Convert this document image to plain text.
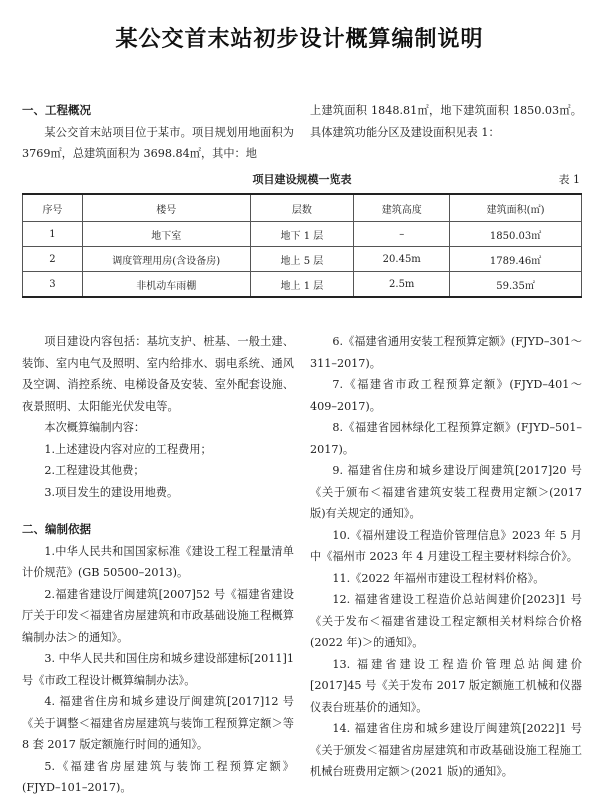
某公交首末站初步设计概算编制说明

一、工程概况

某公交首末站项目位于某市。项目规划用地面积为 3769㎡，总建筑面积为 3698.84㎡，其中：地

上建筑面积 1848.81㎡，地下建筑面积 1850.03㎡。具体建筑功能分区及建设面积见表 1：

项目建设规模一览表	表 1
序号	楼号	层数	建筑高度	建筑面积(㎡)
1	地下室	地下 1 层	–	1850.03㎡
2	调度管理用房(含设备房)	地上 5 层	20.45m	1789.46㎡
3	非机动车雨棚	地上 1 层	2.5m	59.35㎡

项目建设内容包括：基坑支护、桩基、一般土建、装饰、室内电气及照明、室内给排水、弱电系统、通风及空调、消控系统、电梯设备及安装、室外配套设施、夜景照明、太阳能光伏发电等。

本次概算编制内容：

1.上述建设内容对应的工程费用；

2.工程建设其他费；

3.项目发生的建设用地费。

二、编制依据

1.中华人民共和国国家标准《建设工程工程量清单计价规范》(GB 50500–2013)。

2.福建省建设厅闽建筑[2007]52 号《福建省建设厅关于印发＜福建省房屋建筑和市政基础设施工程概算编制办法＞的通知》。

3. 中华人民共和国住房和城乡建设部建标[2011]1 号《市政工程设计概算编制办法》。

4. 福建省住房和城乡建设厅闽建筑[2017]12 号《关于调整＜福建省房屋建筑与装饰工程预算定额＞等 8 套 2017 版定额施行时间的通知》。

5.《福建省房屋建筑与装饰工程预算定额》(FJYD–101–2017)。

6.《福建省通用安装工程预算定额》(FJYD–301～311–2017)。

7.《福建省市政工程预算定额》(FJYD–401～409–2017)。

8.《福建省园林绿化工程预算定额》(FJYD–501–2017)。

9. 福建省住房和城乡建设厅闽建筑[2017]20 号《关于颁布＜福建省建筑安装工程费用定额＞(2017 版)有关规定的通知》。

10.《福州建设工程造价管理信息》2023 年 5 月中《福州市 2023 年 4 月建设工程主要材料综合价》。

11.《2022 年福州市建设工程材料价格》。

12. 福建省建设工程造价总站闽建价[2023]1 号《关于发布＜福建省建设工程定额相关材料综合价格(2022 年)＞的通知》。

13. 福建省建设工程造价管理总站闽建价[2017]45 号《关于发布 2017 版定额施工机械和仪器仪表台班基价的通知》。

14. 福建省住房和城乡建设厅闽建筑[2022]1 号《关于颁发＜福建省房屋建筑和市政基础设施工程施工机械台班费用定额＞(2021 版)的通知》。
